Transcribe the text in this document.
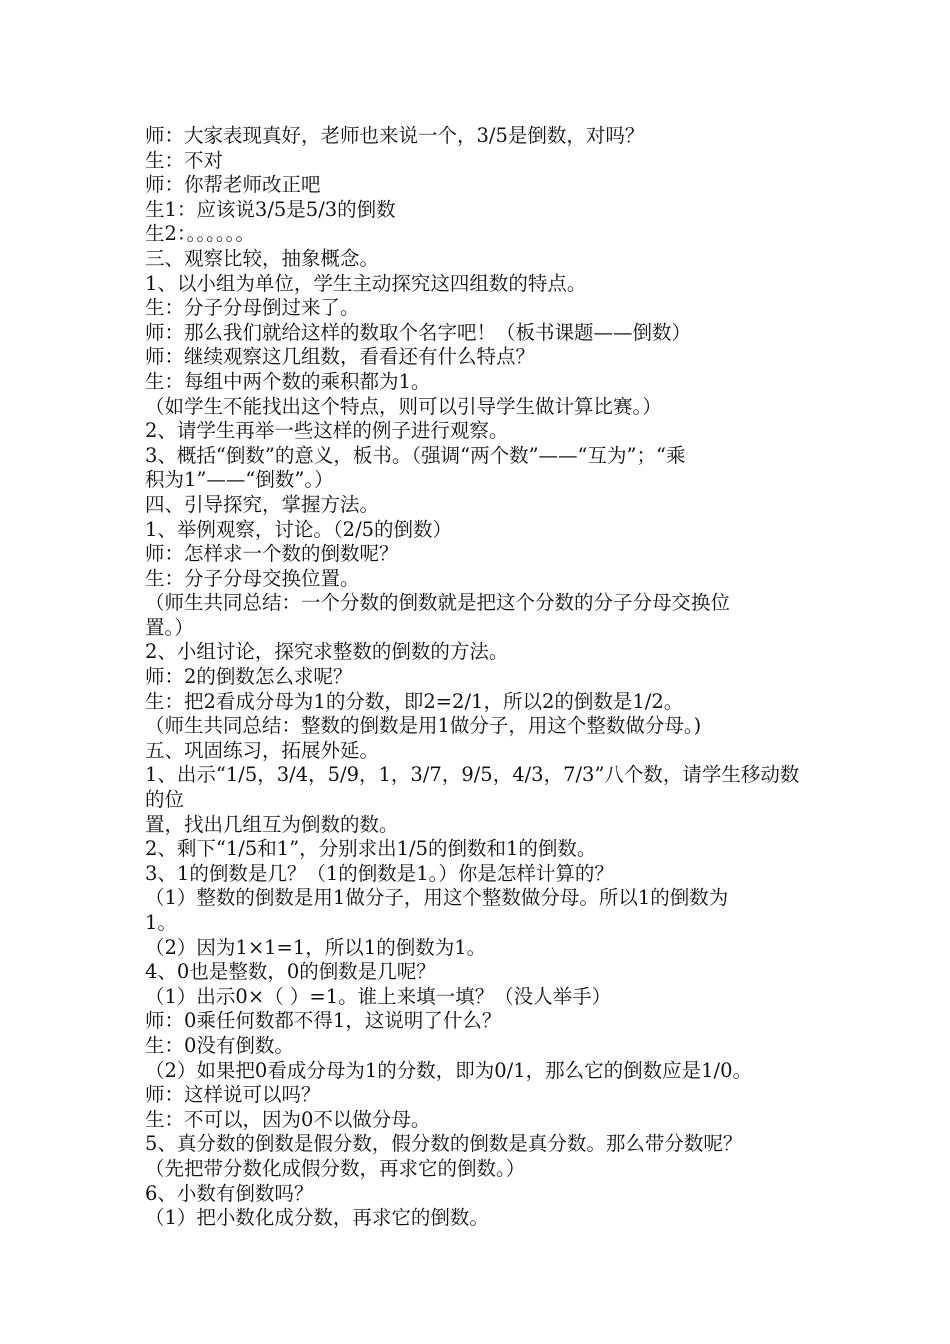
师：大家表现真好，老师也来说一个，3/5是倒数，对吗？

生：不对

师：你帮老师改正吧

生1：应该说3/5是5/3的倒数

生2：。。。。。。

三、观察比较，抽象概念。

1、以小组为单位，学生主动探究这四组数的特点。

生：分子分母倒过来了。

师：那么我们就给这样的数取个名字吧！（板书课题——倒数）

师：继续观察这几组数，看看还有什么特点？

生：每组中两个数的乘积都为1。

（如学生不能找出这个特点，则可以引导学生做计算比赛。）

2、请学生再举一些这样的例子进行观察。

3、概括“倒数”的意义，板书。（强调“两个数”——“互为”；“乘

积为1”——“倒数”。）

四、引导探究，掌握方法。

1、举例观察，讨论。（2/5的倒数）

师：怎样求一个数的倒数呢？

生：分子分母交换位置。

（师生共同总结：一个分数的倒数就是把这个分数的分子分母交换位

置。）

2、小组讨论，探究求整数的倒数的方法。

师：2的倒数怎么求呢？

生：把2看成分母为1的分数，即2=2/1，所以2的倒数是1/2。

（师生共同总结：整数的倒数是用1做分子，用这个整数做分母。)

五、巩固练习，拓展外延。

1、出示“1/5，3/4，5/9，1，3/7，9/5，4/3，7/3”八个数，请学生移动数的位

置，找出几组互为倒数的数。

2、剩下“1/5和1”，分别求出1/5的倒数和1的倒数。

3、1的倒数是几？（1的倒数是1。）你是怎样计算的？

（1）整数的倒数是用1做分子，用这个整数做分母。所以1的倒数为

1。

（2）因为1×1=1，所以1的倒数为1。

4、0也是整数，0的倒数是几呢？

（1）出示0×（ ）=1。谁上来填一填？（没人举手）

师：0乘任何数都不得1，这说明了什么？

生：0没有倒数。

（2）如果把0看成分母为1的分数，即为0/1，那么它的倒数应是1/0。

师：这样说可以吗？

生：不可以，因为0不以做分母。

5、真分数的倒数是假分数，假分数的倒数是真分数。那么带分数呢？

（先把带分数化成假分数，再求它的倒数。）

6、小数有倒数吗？

（1）把小数化成分数，再求它的倒数。
